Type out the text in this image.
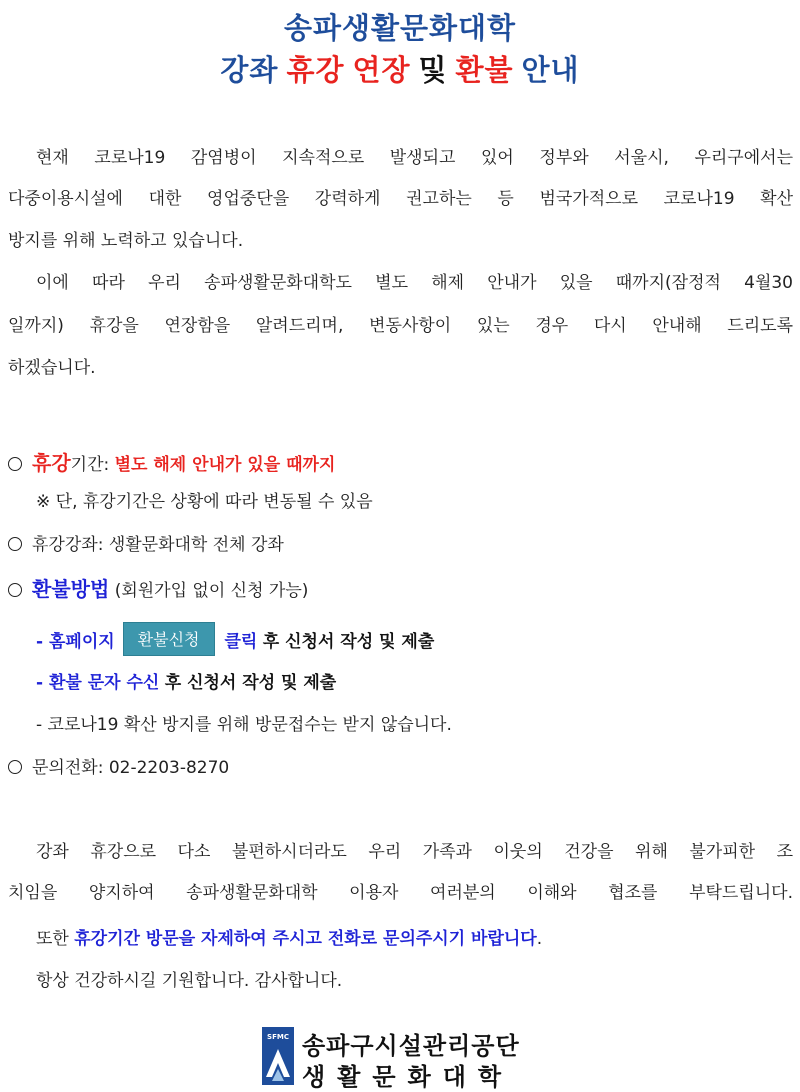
송파생활문화대학
강좌 휴강 연장 및 환불 안내
현재 코로나19 감염병이 지속적으로 발생되고 있어 정부와 서울시, 우리구에서는
다중이용시설에 대한 영업중단을 강력하게 권고하는 등 범국가적으로 코로나19 확산
방지를 위해 노력하고 있습니다.
이에 따라 우리 송파생활문화대학도 별도 해제 안내가 있을 때까지(잠정적 4월30
일까지) 휴강을 연장함을 알려드리며, 변동사항이 있는 경우 다시 안내해 드리도록
하겠습니다.
휴강기간: 별도 해제 안내가 있을 때까지
※ 단, 휴강기간은 상황에 따라 변동될 수 있음
휴강강좌: 생활문화대학 전체 강좌
환불방법 (회원가입 없이 신청 가능)
- 홈페이지 환불신청 클릭 후 신청서 작성 및 제출
- 환불 문자 수신 후 신청서 작성 및 제출
- 코로나19 확산 방지를 위해 방문접수는 받지 않습니다.
문의전화: 02-2203-8270
강좌 휴강으로 다소 불편하시더라도 우리 가족과 이웃의 건강을 위해 불가피한 조
치임을 양지하여 송파생활문화대학 이용자 여러분의 이해와 협조를 부탁드립니다.
또한 휴강기간 방문을 자제하여 주시고 전화로 문의주시기 바랍니다.
항상 건강하시길 기원합니다. 감사합니다.
SFMC 송파구시설관리공단
생활문화대학
